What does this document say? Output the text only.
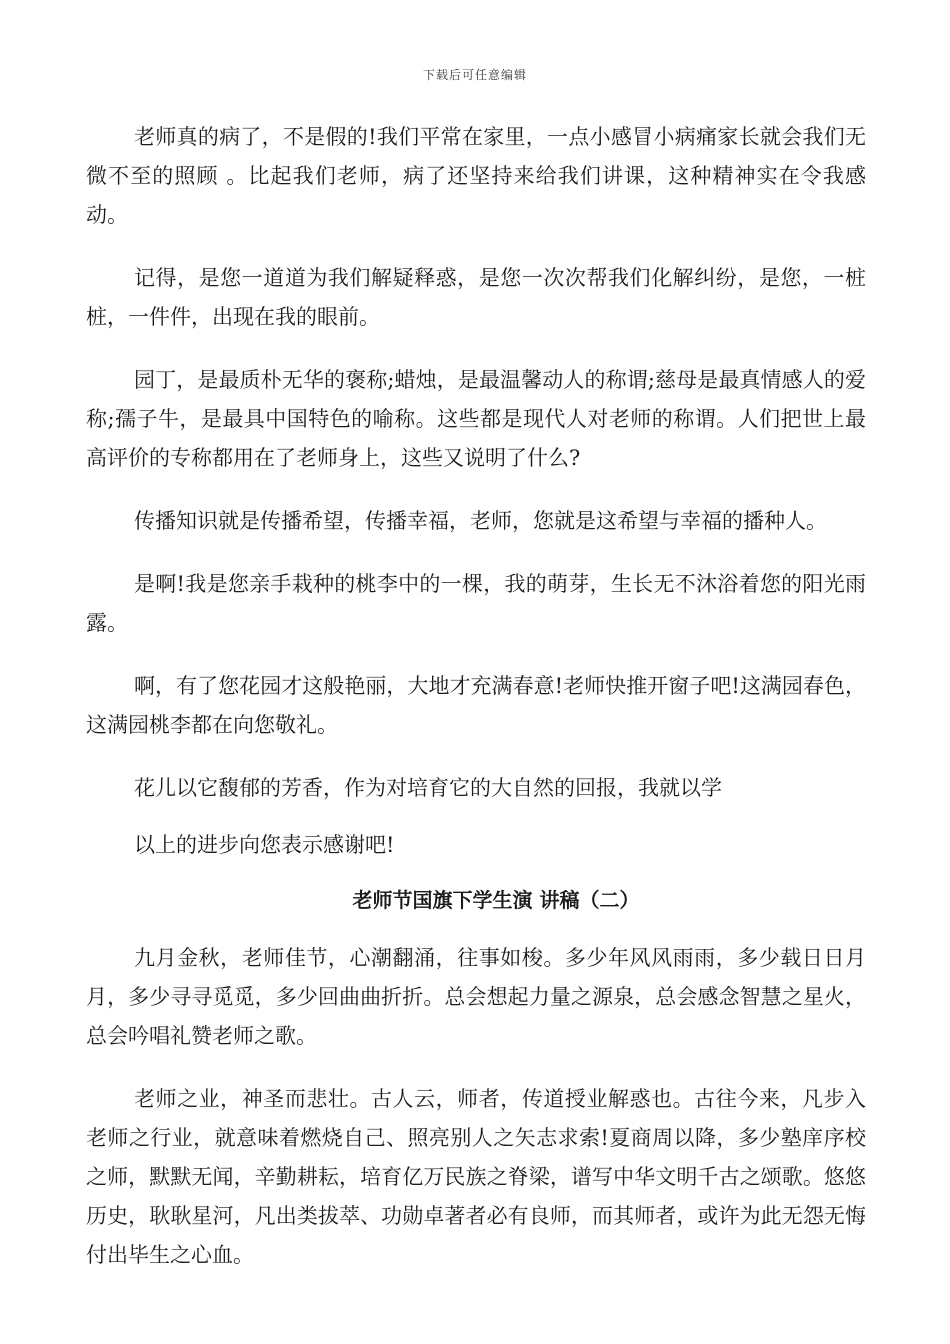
下载后可任意编辑

老师真的病了，不是假的!我们平常在家里，一点小感冒小病痛家长就会我们无微不至的照顾 。比起我们老师，病了还坚持来给我们讲课，这种精神实在令我感动。

记得，是您一道道为我们解疑释惑，是您一次次帮我们化解纠纷，是您，一桩桩，一件件，出现在我的眼前。

园丁，是最质朴无华的褒称;蜡烛，是最温馨动人的称谓;慈母是最真情感人的爱称;孺子牛，是最具中国特色的喻称。这些都是现代人对老师的称谓。人们把世上最高评价的专称都用在了老师身上，这些又说明了什么?

传播知识就是传播希望，传播幸福，老师，您就是这希望与幸福的播种人。

是啊!我是您亲手栽种的桃李中的一棵，我的萌芽，生长无不沐浴着您的阳光雨露。

啊，有了您花园才这般艳丽，大地才充满春意!老师快推开窗子吧!这满园春色，这满园桃李都在向您敬礼。

花儿以它馥郁的芳香，作为对培育它的大自然的回报，我就以学

以上的进步向您表示感谢吧!

老师节国旗下学生演 讲稿（二）

九月金秋，老师佳节，心潮翻涌，往事如梭。多少年风风雨雨，多少载日日月月，多少寻寻觅觅，多少回曲曲折折。总会想起力量之源泉，总会感念智慧之星火，总会吟唱礼赞老师之歌。

老师之业，神圣而悲壮。古人云，师者，传道授业解惑也。古往今来，凡步入老师之行业，就意味着燃烧自己、照亮别人之矢志求索!夏商周以降，多少塾庠序校之师，默默无闻，辛勤耕耘，培育亿万民族之脊梁，谱写中华文明千古之颂歌。悠悠历史，耿耿星河，凡出类拔萃、功勋卓著者必有良师，而其师者，或许为此无怨无悔付出毕生之心血。
